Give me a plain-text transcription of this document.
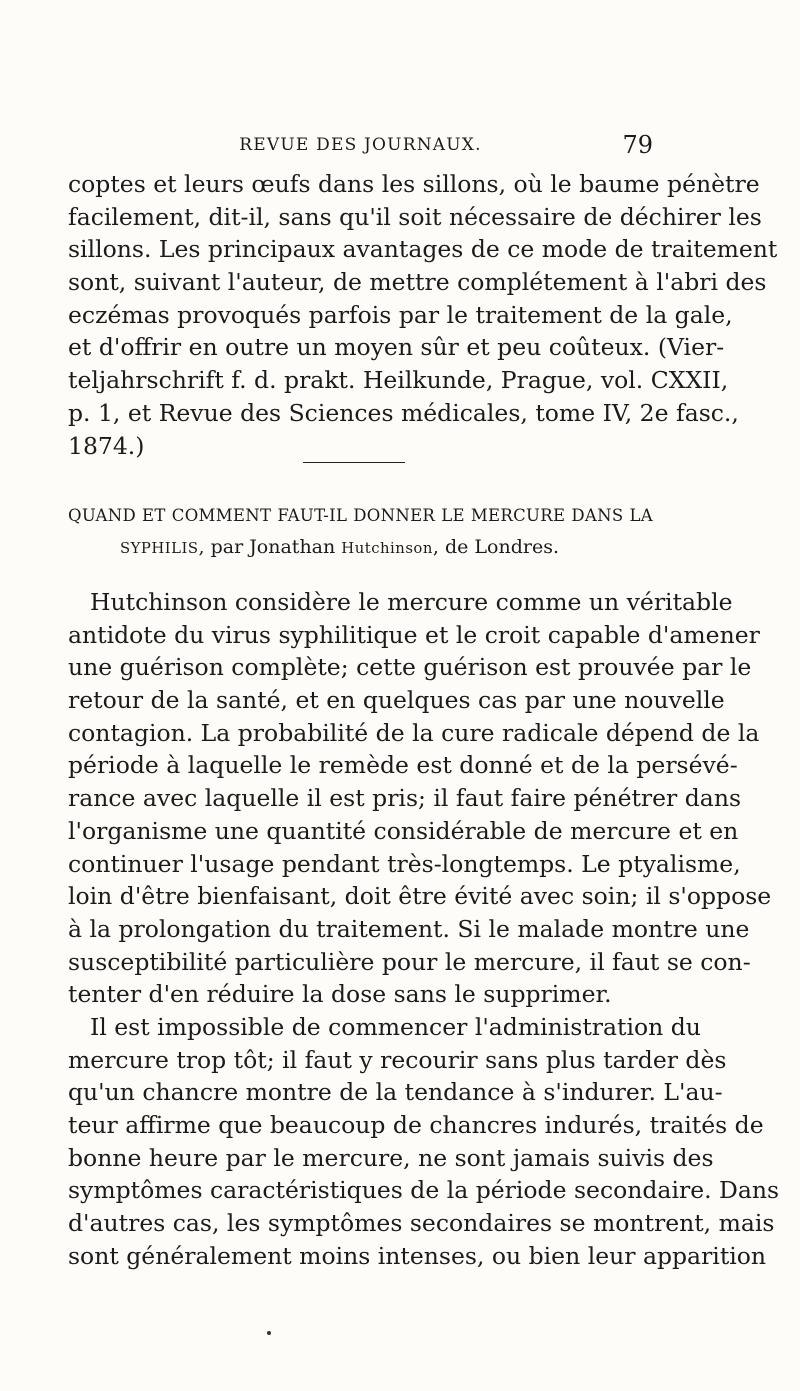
REVUE DES JOURNAUX.	79
coptes et leurs œufs dans les sillons, où le baume pénètre
facilement, dit-il, sans qu'il soit nécessaire de déchirer les
sillons. Les principaux avantages de ce mode de traitement
sont, suivant l'auteur, de mettre complétement à l'abri des
eczémas provoqués parfois par le traitement de la gale,
et d'offrir en outre un moyen sûr et peu coûteux. (Vier-
teljahrschrift f. d. prakt. Heilkunde, Prague, vol. CXXII,
p. 1, et Revue des Sciences médicales, tome IV, 2e fasc.,
1874.)
QUAND ET COMMENT FAUT-IL DONNER LE MERCURE DANS LA
SYPHILIS, par Jonathan Hutchinson, de Londres.
Hutchinson considère le mercure comme un véritable
antidote du virus syphilitique et le croit capable d'amener
une guérison complète; cette guérison est prouvée par le
retour de la santé, et en quelques cas par une nouvelle
contagion. La probabilité de la cure radicale dépend de la
période à laquelle le remède est donné et de la persévé-
rance avec laquelle il est pris; il faut faire pénétrer dans
l'organisme une quantité considérable de mercure et en
continuer l'usage pendant très-longtemps. Le ptyalisme,
loin d'être bienfaisant, doit être évité avec soin; il s'oppose
à la prolongation du traitement. Si le malade montre une
susceptibilité particulière pour le mercure, il faut se con-
tenter d'en réduire la dose sans le supprimer.
Il est impossible de commencer l'administration du
mercure trop tôt; il faut y recourir sans plus tarder dès
qu'un chancre montre de la tendance à s'indurer. L'au-
teur affirme que beaucoup de chancres indurés, traités de
bonne heure par le mercure, ne sont jamais suivis des
symptômes caractéristiques de la période secondaire. Dans
d'autres cas, les symptômes secondaires se montrent, mais
sont généralement moins intenses, ou bien leur apparition
